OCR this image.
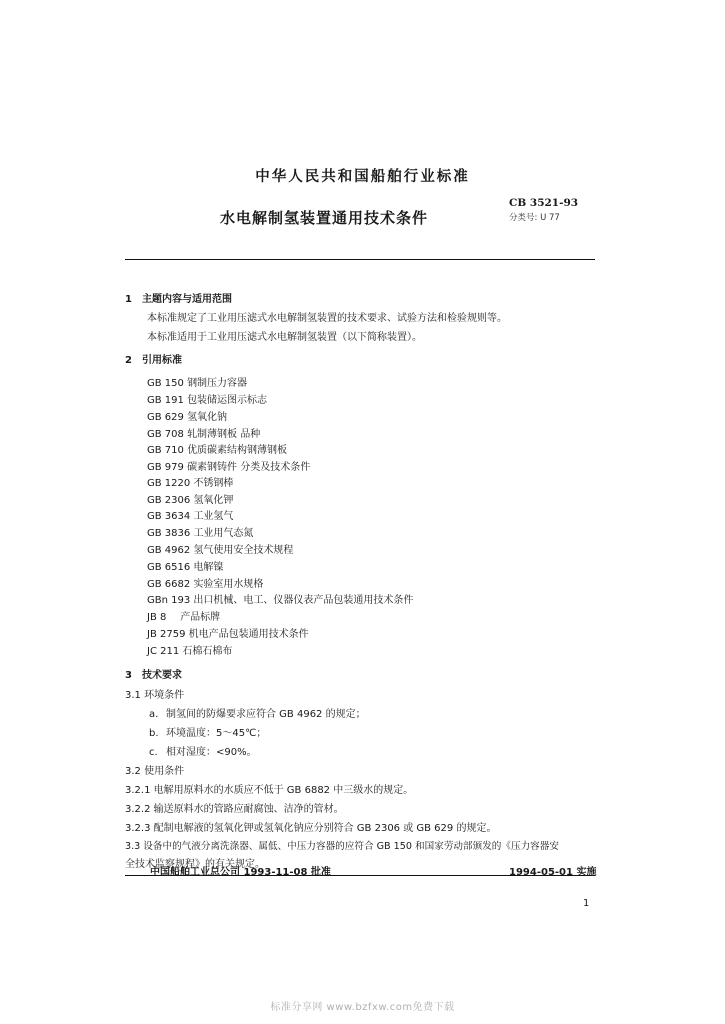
中华人民共和国船舶行业标准
CB 3521-93
分类号: U 77
水电解制氢装置通用技术条件
1 主题内容与适用范围
本标准规定了工业用压滤式水电解制氢装置的技术要求、试验方法和检验规则等。
本标准适用于工业用压滤式水电解制氢装置（以下简称装置）。
2 引用标准
GB 150 钢制压力容器
GB 191 包装储运图示标志
GB 629 氢氧化钠
GB 708 轧制薄钢板 品种
GB 710 优质碳素结构钢薄钢板
GB 979 碳素钢铸件 分类及技术条件
GB 1220 不锈钢棒
GB 2306 氢氧化钾
GB 3634 工业氢气
GB 3836 工业用气态氮
GB 4962 氢气使用安全技术规程
GB 6516 电解镍
GB 6682 实验室用水规格
GBn 193 出口机械、电工、仪器仪表产品包装通用技术条件
JB 8 产品标牌
JB 2759 机电产品包装通用技术条件
JC 211 石棉石棉布
3 技术要求
3.1 环境条件
a. 制氢间的防爆要求应符合 GB 4962 的规定；
b. 环境温度：5～45℃；
c. 相对湿度：<90%。
3.2 使用条件
3.2.1 电解用原料水的水质应不低于 GB 6882 中三级水的规定。
3.2.2 输送原料水的管路应耐腐蚀、洁净的管材。
3.2.3 配制电解液的氢氧化钾或氢氧化钠应分别符合 GB 2306 或 GB 629 的规定。
3.3 设备中的气液分离洗涤器、属低、中压力容器的应符合 GB 150 和国家劳动部颁发的《压力容器安
全技术监察规程》的有关规定。
中国船舶工业总公司 1993-11-08 批准	1994-05-01 实施
1
标准分享网 www.bzfxw.com免费下载
